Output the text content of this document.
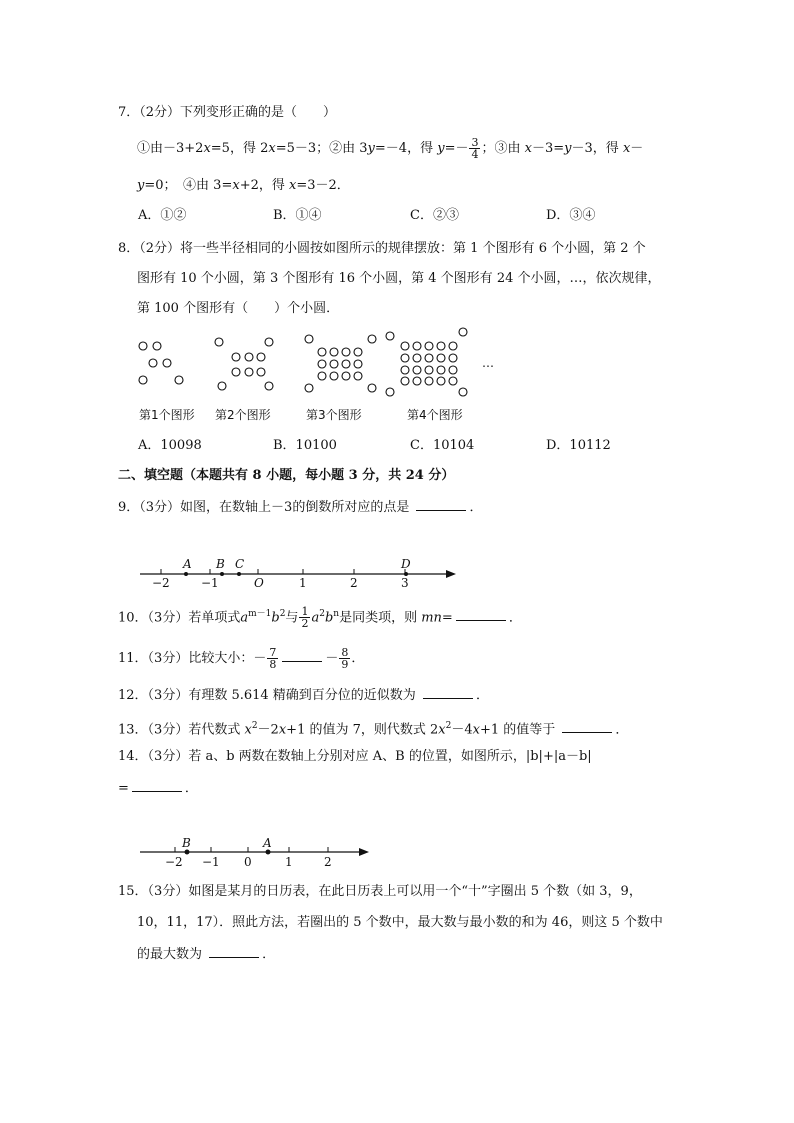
7．（2分）下列变形正确的是（　　）
①由－3+2x=5，得 2x=5－3；②由 3y=－4，得 $y=- \frac{3}{4}$ ；③由 x－3=y－3，得 x－
y=0；　 ④由 3=x+2，得 x=3－2．
A．①②	B．①④	C．②③	D．③④
8．（2分）将一些半径相同的小圆按如图所示的规律摆放：第 1 个图形有 6 个小圆，第 2 个
图形有 10 个小圆，第 3 个图形有 16 个小圆，第 4 个图形有 24 个小圆，…，依次规律，
第 100 个图形有（　　）个小圆．
…
第1个图形 第2个图形	第3个图形	第4个图形
A．10098	B．10100	C．10104	D．10112
二、填空题（本题共有 8 小题，每小题 3 分，共 24 分）
9．（3分）如图，在数轴上－3的倒数所对应的点是	．
A B C
O
D
−2	−1	1	2	3
10．（3分）若单项式$a^{m-1}b^2$与 $\frac{1}{2} a^2b^n$是同类项，则 mn=	．
11．（3分）比较大小：－ $\frac{7}{8}$	－ $\frac{8}{9}$ ．
12．（3分）有理数 5.614 精确到百分位的近似数为	．
13．（3分）若代数式 $x^2-2x+1$ 的值为 7，则代数式 $2x^2-4x+1$ 的值等于	．
14．（3分）若 a、b 两数在数轴上分别对应 A、B 的位置，如图所示，|b|+|a－b|
=	．
B	A
−2 −1 0	1	2
15．（3分）如图是某月的日历表，在此日历表上可以用一个“十”字圈出 5 个数（如 3，9，
10，11，17）．照此方法，若圈出的 5 个数中，最大数与最小数的和为 46，则这 5 个数中
的最大数为	．
